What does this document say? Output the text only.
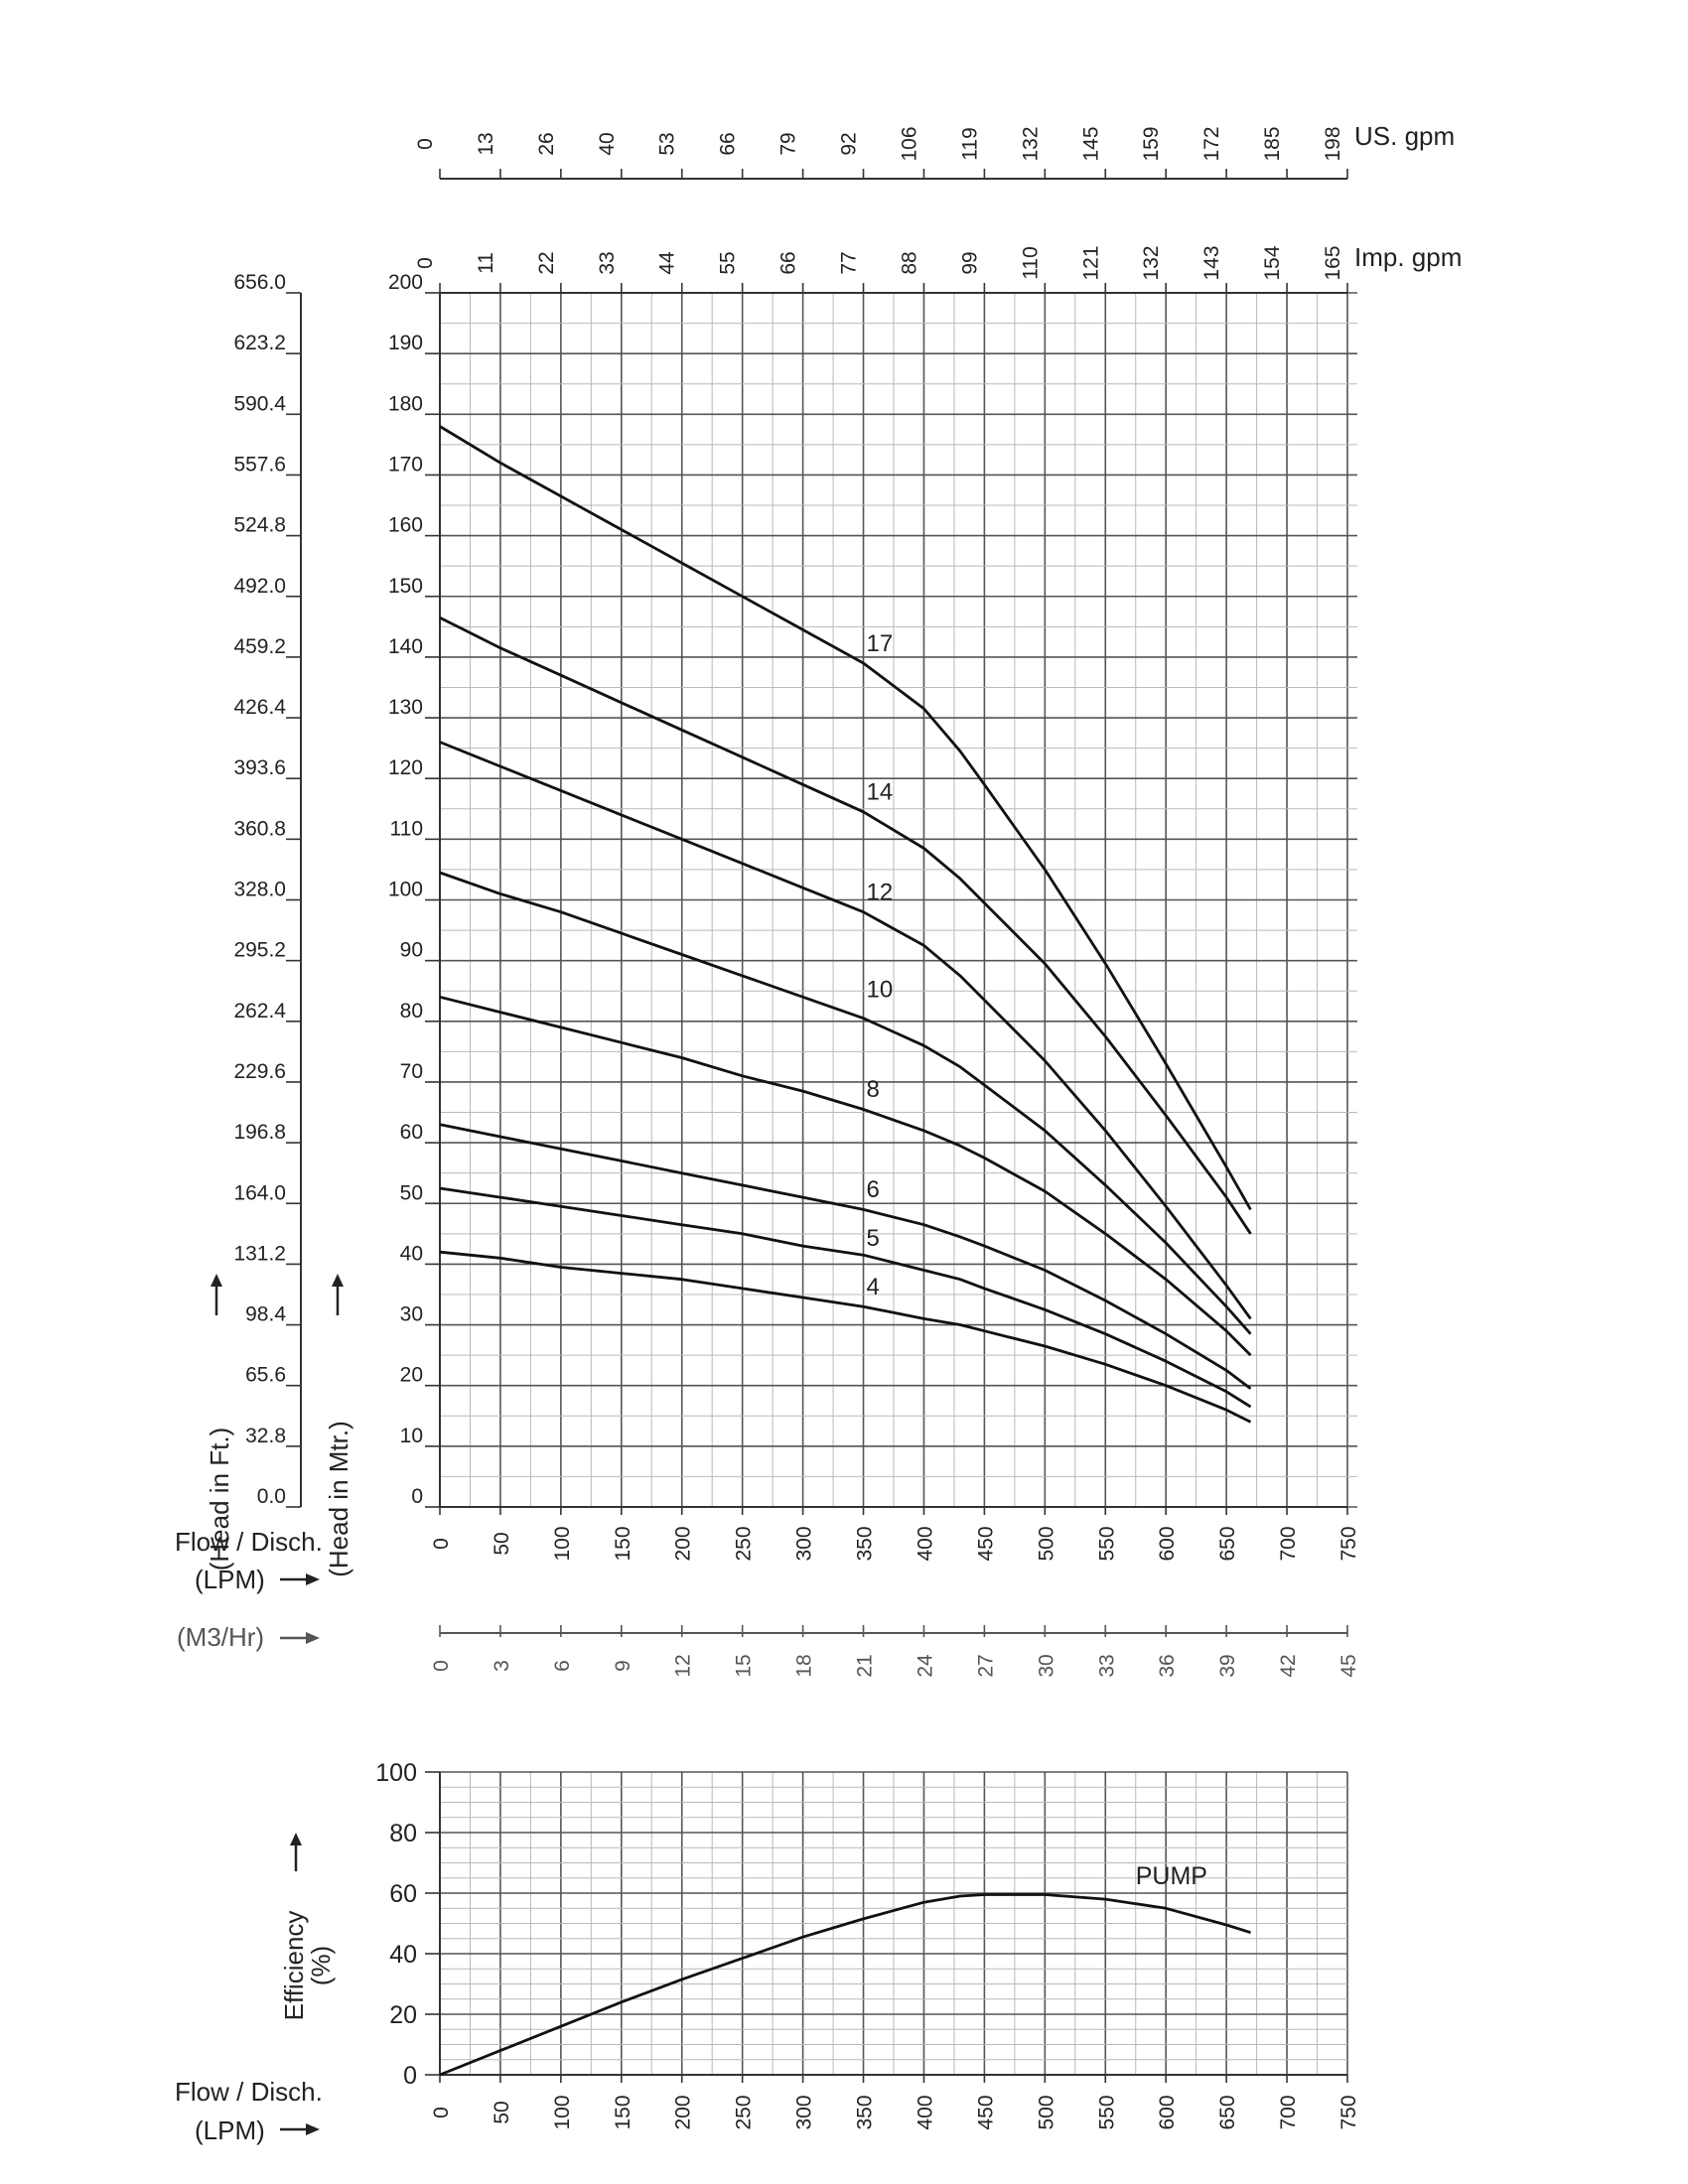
0
10
20
30
40
50
60
70
80
90
100
110
120
130
140
150
160
170
180
190
200
0.0
32.8
65.6
98.4
131.2
164.0
196.8
229.6
262.4
295.2
328.0
360.8
393.6
426.4
459.2
492.0
524.8
557.6
590.4
623.2
656.0
0 50 100 150 200 250 300 350 400 450 500 550 600 650 700 750
0 13 26 40 53 66 79 92 106 119 132 145 159 172 185 198
0 11 22 33 44 55 66 77 88 99 110 121 132 143 154 165
0 3 6 9 12 15 18 21 24 27 30 33 36 39 42 45
0
20
40
60
80
100
0 50 100 150 200 250 300 350 400 450 500 550 600 650 700 750
17
14
12
10
8
6
5
4
PUMP
US. gpm
Imp. gpm
(Head in Ft.)	(Head in Mtr.)
Flow / Disch.
(LPM)
(M3/Hr)
Efficiency
(%)
Flow / Disch.
(LPM)
